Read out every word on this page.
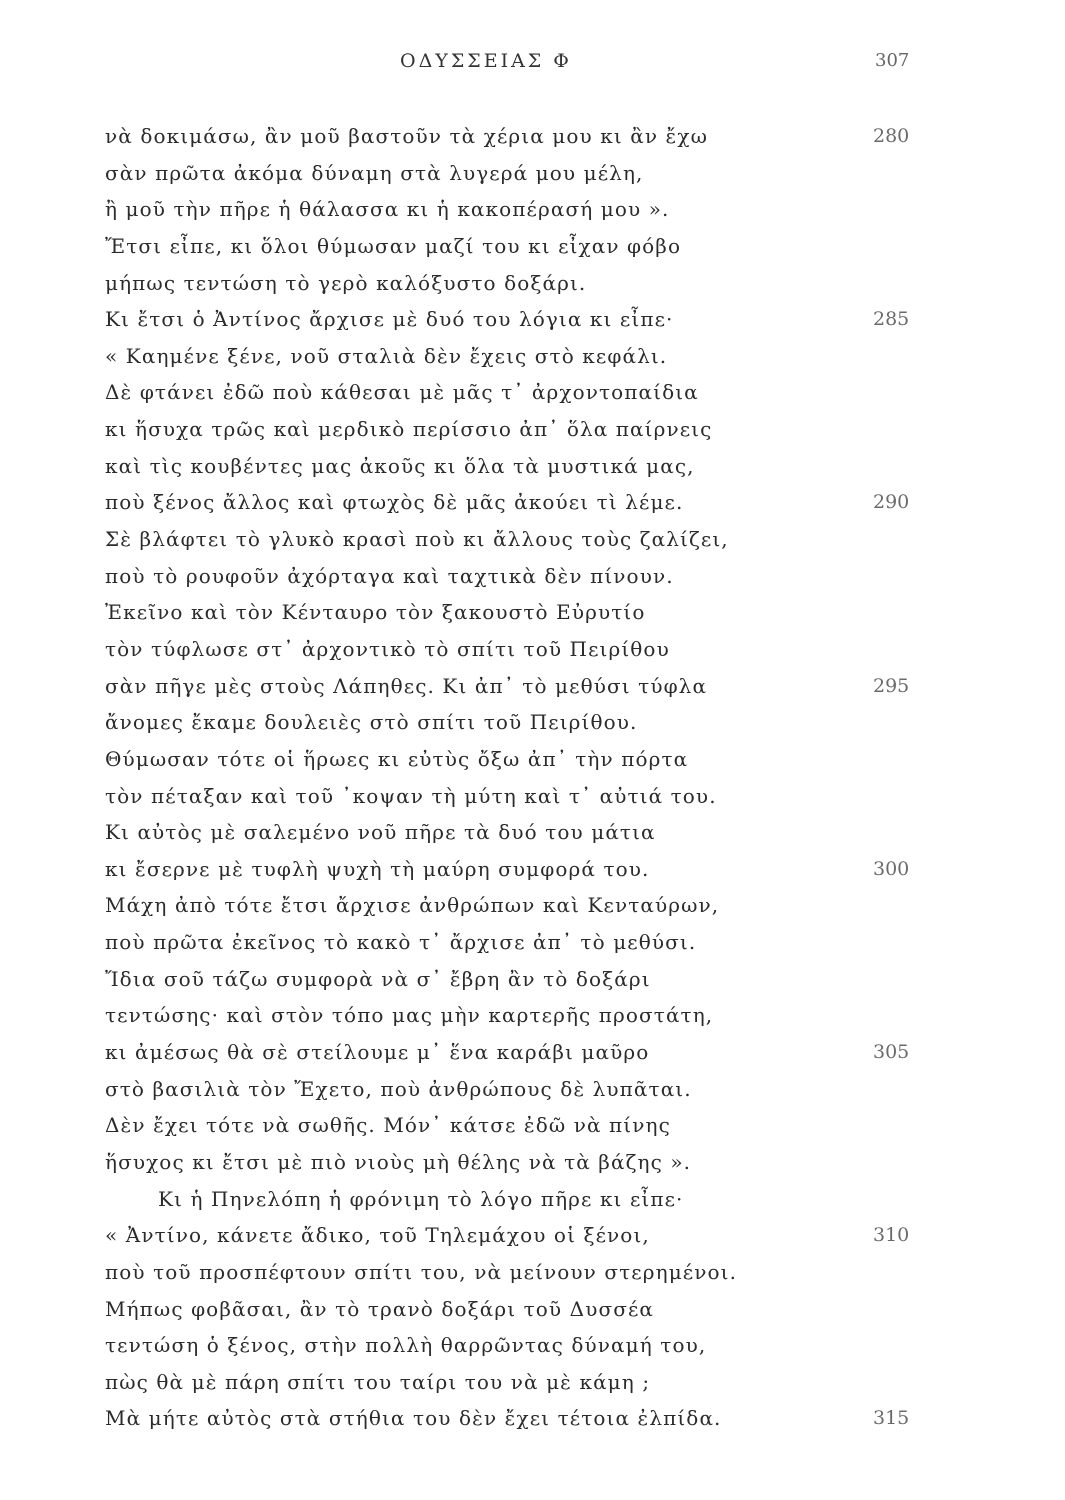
ΟΔΥΣΣΕΙΑΣ Φ	307
νὰ δοκιμάσω, ἂν μοῦ βαστοῦν τὰ χέρια μου κι ἂν ἔχω	280
σὰν πρῶτα ἀκόμα δύναμη στὰ λυγερά μου μέλη,
ἢ μοῦ τὴν πῆρε ἡ θάλασσα κι ἡ κακοπέρασή μου ».
Ἔτσι εἶπε, κι ὅλοι θύμωσαν μαζί του κι εἶχαν φόβο
μήπως τεντώση τὸ γερὸ καλόξυστο δοξάρι.
Κι ἔτσι ὁ Ἀντίνος ἄρχισε μὲ δυό του λόγια κι εἶπε·	285
« Καημένε ξένε, νοῦ σταλιὰ δὲν ἔχεις στὸ κεφάλι.
Δὲ φτάνει ἐδῶ ποὺ κάθεσαι μὲ μᾶς τ᾿ ἀρχοντοπαίδια
κι ἥσυχα τρῶς καὶ μερδικὸ περίσσιο ἀπ᾿ ὅλα παίρνεις
καὶ τὶς κουβέντες μας ἀκοῦς κι ὅλα τὰ μυστικά μας,
ποὺ ξένος ἄλλος καὶ φτωχὸς δὲ μᾶς ἀκούει τὶ λέμε.	290
Σὲ βλάφτει τὸ γλυκὸ κρασὶ ποὺ κι ἄλλους τοὺς ζαλίζει,
ποὺ τὸ ρουφοῦν ἀχόρταγα καὶ ταχτικὰ δὲν πίνουν.
Ἐκεῖνο καὶ τὸν Κένταυρο τὸν ξακουστὸ Εὐρυτίο
τὸν τύφλωσε στ᾿ ἀρχοντικὸ τὸ σπίτι τοῦ Πειρίθου
σὰν πῆγε μὲς στοὺς Λάπηθες. Κι ἀπ᾿ τὸ μεθύσι τύφλα	295
ἄνομες ἔκαμε δουλειὲς στὸ σπίτι τοῦ Πειρίθου.
Θύμωσαν τότε οἱ ἥρωες κι εὐτὺς ὄξω ἀπ᾿ τὴν πόρτα
τὸν πέταξαν καὶ τοῦ ᾿κοψαν τὴ μύτη καὶ τ᾿ αὐτιά του.
Κι αὐτὸς μὲ σαλεμένο νοῦ πῆρε τὰ δυό του μάτια
κι ἔσερνε μὲ τυφλὴ ψυχὴ τὴ μαύρη συμφορά του.	300
Μάχη ἀπὸ τότε ἔτσι ἄρχισε ἀνθρώπων καὶ Κενταύρων,
ποὺ πρῶτα ἐκεῖνος τὸ κακὸ τ᾿ ἄρχισε ἀπ᾿ τὸ μεθύσι.
Ἴδια σοῦ τάζω συμφορὰ νὰ σ᾿ ἔβρη ἂν τὸ δοξάρι
τεντώσης· καὶ στὸν τόπο μας μὴν καρτερῆς προστάτη,
κι ἀμέσως θὰ σὲ στείλουμε μ᾿ ἕνα καράβι μαῦρο	305
στὸ βασιλιὰ τὸν Ἔχετο, ποὺ ἀνθρώπους δὲ λυπᾶται.
Δὲν ἔχει τότε νὰ σωθῆς. Μόν᾿ κάτσε ἐδῶ νὰ πίνης
ἥσυχος κι ἔτσι μὲ πιὸ νιοὺς μὴ θέλης νὰ τὰ βάζης ».
Κι ἡ Πηνελόπη ἡ φρόνιμη τὸ λόγο πῆρε κι εἶπε·
« Ἀντίνο, κάνετε ἄδικο, τοῦ Τηλεμάχου οἱ ξένοι,	310
ποὺ τοῦ προσπέφτουν σπίτι του, νὰ μείνουν στερημένοι.
Μήπως φοβᾶσαι, ἂν τὸ τρανὸ δοξάρι τοῦ Δυσσέα
τεντώση ὁ ξένος, στὴν πολλὴ θαρρῶντας δύναμή του,
πὼς θὰ μὲ πάρη σπίτι του ταίρι του νὰ μὲ κάμη ;
Μὰ μήτε αὐτὸς στὰ στήθια του δὲν ἔχει τέτοια ἐλπίδα.	315
